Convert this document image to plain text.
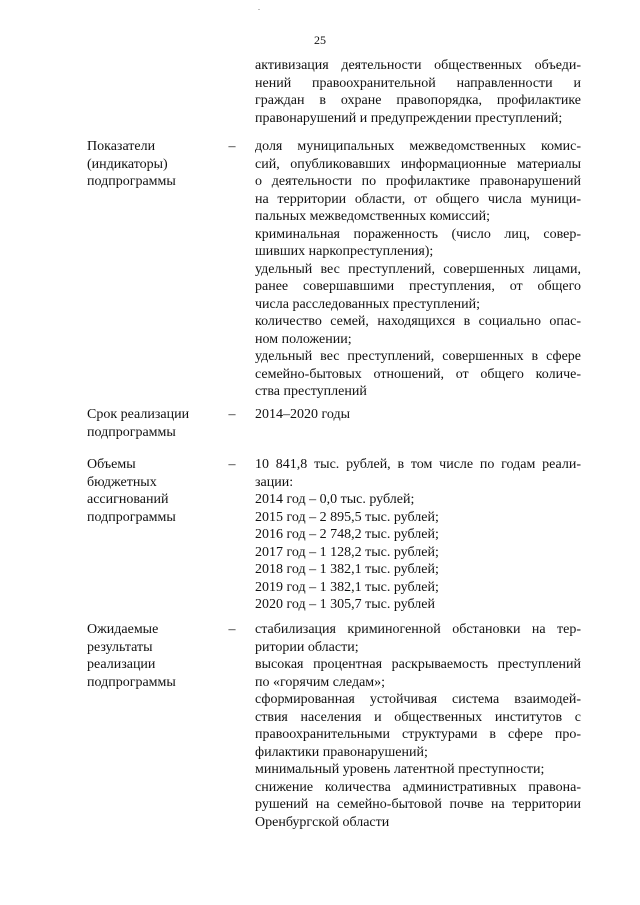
.
25
активизация деятельности общественных объеди-
нений правоохранительной направленности и
граждан в охране правопорядка, профилактике
правонарушений и предупреждении преступлений;
Показатели
(индикаторы)
подпрограммы
– доля муниципальных межведомственных комис-
сий, опубликовавших информационные материалы
о деятельности по профилактике правонарушений
на территории области, от общего числа муници-
пальных межведомственных комиссий;
криминальная пораженность (число лиц, совер-
шивших наркопреступления);
удельный вес преступлений, совершенных лицами,
ранее совершавшими преступления, от общего
числа расследованных преступлений;
количество семей, находящихся в социально опас-
ном положении;
удельный вес преступлений, совершенных в сфере
семейно-бытовых отношений, от общего количе-
ства преступлений
Срок реализации
подпрограммы
– 2014–2020 годы
Объемы
бюджетных
ассигнований
подпрограммы
– 10 841,8 тыс. рублей, в том числе по годам реали-
зации:
2014 год – 0,0 тыс. рублей;
2015 год – 2 895,5 тыс. рублей;
2016 год – 2 748,2 тыс. рублей;
2017 год – 1 128,2 тыс. рублей;
2018 год – 1 382,1 тыс. рублей;
2019 год – 1 382,1 тыс. рублей;
2020 год – 1 305,7 тыс. рублей
Ожидаемые
результаты
реализации
подпрограммы
– стабилизация криминогенной обстановки на тер-
ритории области;
высокая процентная раскрываемость преступлений
по «горячим следам»;
сформированная устойчивая система взаимодей-
ствия населения и общественных институтов с
правоохранительными структурами в сфере про-
филактики правонарушений;
минимальный уровень латентной преступности;
снижение количества административных правона-
рушений на семейно-бытовой почве на территории
Оренбургской области
